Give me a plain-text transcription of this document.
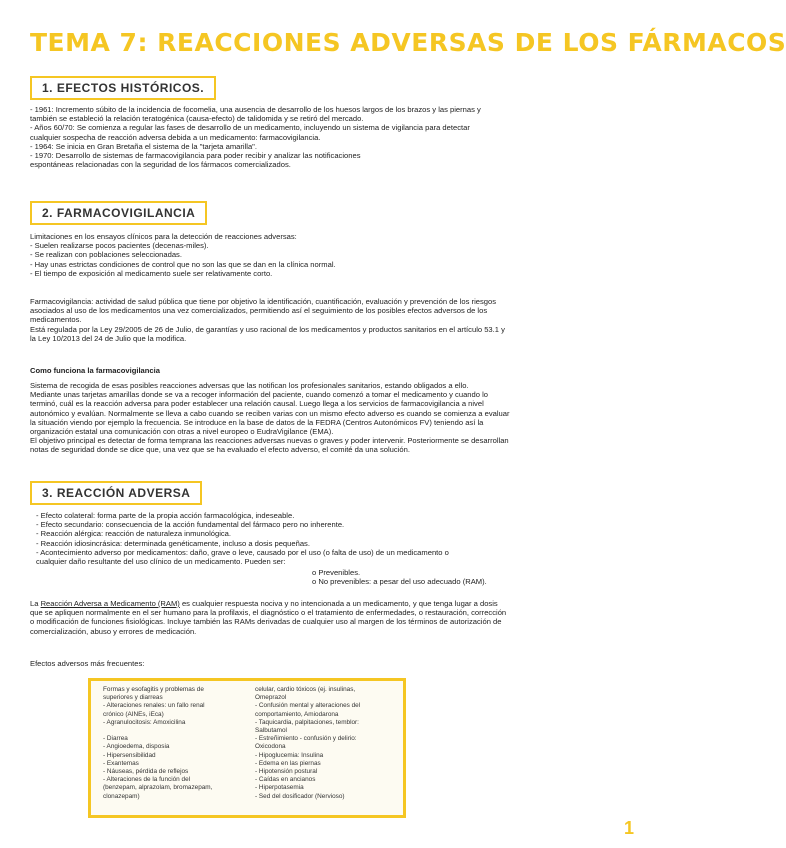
TEMA 7: REACCIONES ADVERSAS DE LOS FÁRMACOS
1. EFECTOS HISTÓRICOS.

- 1961: Incremento súbito de la incidencia de focomelia, una ausencia de desarrollo de los huesos largos de los brazos y las piernas y

también se estableció la relación teratogénica (causa-efecto) de talidomida y se retiró del mercado.

- Años 60/70: Se comienza a regular las fases de desarrollo de un medicamento, incluyendo un sistema de vigilancia para detectar

cualquier sospecha de reacción adversa debida a un medicamento: farmacovigilancia.

- 1964: Se inicia en Gran Bretaña el sistema de la "tarjeta amarilla".

- 1970: Desarrollo de sistemas de farmacovigilancia para poder recibir y analizar las notificaciones

espontáneas relacionadas con la seguridad de los fármacos comercializados.

2. FARMACOVIGILANCIA

Limitaciones en los ensayos clínicos para la detección de reacciones adversas:

- Suelen realizarse pocos pacientes (decenas-miles).

- Se realizan con poblaciones seleccionadas.

- Hay unas estrictas condiciones de control que no son las que se dan en la clínica normal.

- El tiempo de exposición al medicamento suele ser relativamente corto.

Farmacovigilancia: actividad de salud pública que tiene por objetivo la identificación, cuantificación, evaluación y prevención de los riesgos

asociados al uso de los medicamentos una vez comercializados, permitiendo así el seguimiento de los posibles efectos adversos de los

medicamentos.

Está regulada por la Ley 29/2005 de 26 de Julio, de garantías y uso racional de los medicamentos y productos sanitarios en el artículo 53.1 y

la Ley 10/2013 del 24 de Julio que la modifica.

Como funciona la farmacovigilancia

Sistema de recogida de esas posibles reacciones adversas que las notifican los profesionales sanitarios, estando obligados a ello.

Mediante unas tarjetas amarillas donde se va a recoger información del paciente, cuando comenzó a tomar el medicamento y cuando lo

terminó, cuál es la reacción adversa para poder establecer una relación causal. Luego llega a los servicios de farmacovigilancia a nivel

autonómico y evalúan. Normalmente se lleva a cabo cuando se reciben varias con un mismo efecto adverso es cuando se comienza a evaluar

la situación viendo por ejemplo la frecuencia. Se introduce en la base de datos de la FEDRA (Centros Autonómicos FV) teniendo así la

organización estatal una comunicación con otras a nivel europeo o EudraVigilance (EMA).

El objetivo principal es detectar de forma temprana las reacciones adversas nuevas o graves y poder intervenir. Posteriormente se desarrollan

notas de seguridad donde se dice que, una vez que se ha evaluado el efecto adverso, el comité da una solución.

3. REACCIÓN ADVERSA

- Efecto colateral: forma parte de la propia acción farmacológica, indeseable.

- Efecto secundario: consecuencia de la acción fundamental del fármaco pero no inherente.

- Reacción alérgica: reacción de naturaleza inmunológica.

- Reacción idiosincrásica: determinada genéticamente, incluso a dosis pequeñas.

- Acontecimiento adverso por medicamentos: daño, grave o leve, causado por el uso (o falta de uso) de un medicamento o

cualquier daño resultante del uso clínico de un medicamento. Pueden ser:

o Prevenibles.

o No prevenibles: a pesar del uso adecuado (RAM).

La Reacción Adversa a Medicamento (RAM) es cualquier respuesta nociva y no intencionada a un medicamento, y que tenga lugar a dosis

que se apliquen normalmente en el ser humano para la profilaxis, el diagnóstico o el tratamiento de enfermedades, o restauración, corrección

o modificación de funciones fisiológicas. Incluye también las RAMs derivadas de cualquier uso al margen de los términos de autorización de

comercialización, abuso y errores de medicación.

Efectos adversos más frecuentes:

Formas y esofagitis y problemas de

superiores y diarreas

- Alteraciones renales: un fallo renal

crónico (AINEs, iEca)

- Agranulocitosis: Amoxicilina

- Diarrea

- Angioedema, disposia

- Hipersensibilidad

- Exantemas

- Náuseas, pérdida de reflejos

- Alteraciones de la función del

(benzepam, alprazolam, bromazepam,

clonazepam)

celular, cardio tóxicos (ej. insulinas,

Omeprazol

- Confusión mental y alteraciones del

comportamiento, Amiodarona

- Taquicardia, palpitaciones, temblor:

Salbutamol

- Estreñimiento - confusión y delirio:

Oxicodona

- Hipoglucemia: Insulina

- Edema en las piernas

- Hipotensión postural

- Caídas en ancianos

- Hiperpotasemia

- Sed del dosificador (Nervioso)

1
